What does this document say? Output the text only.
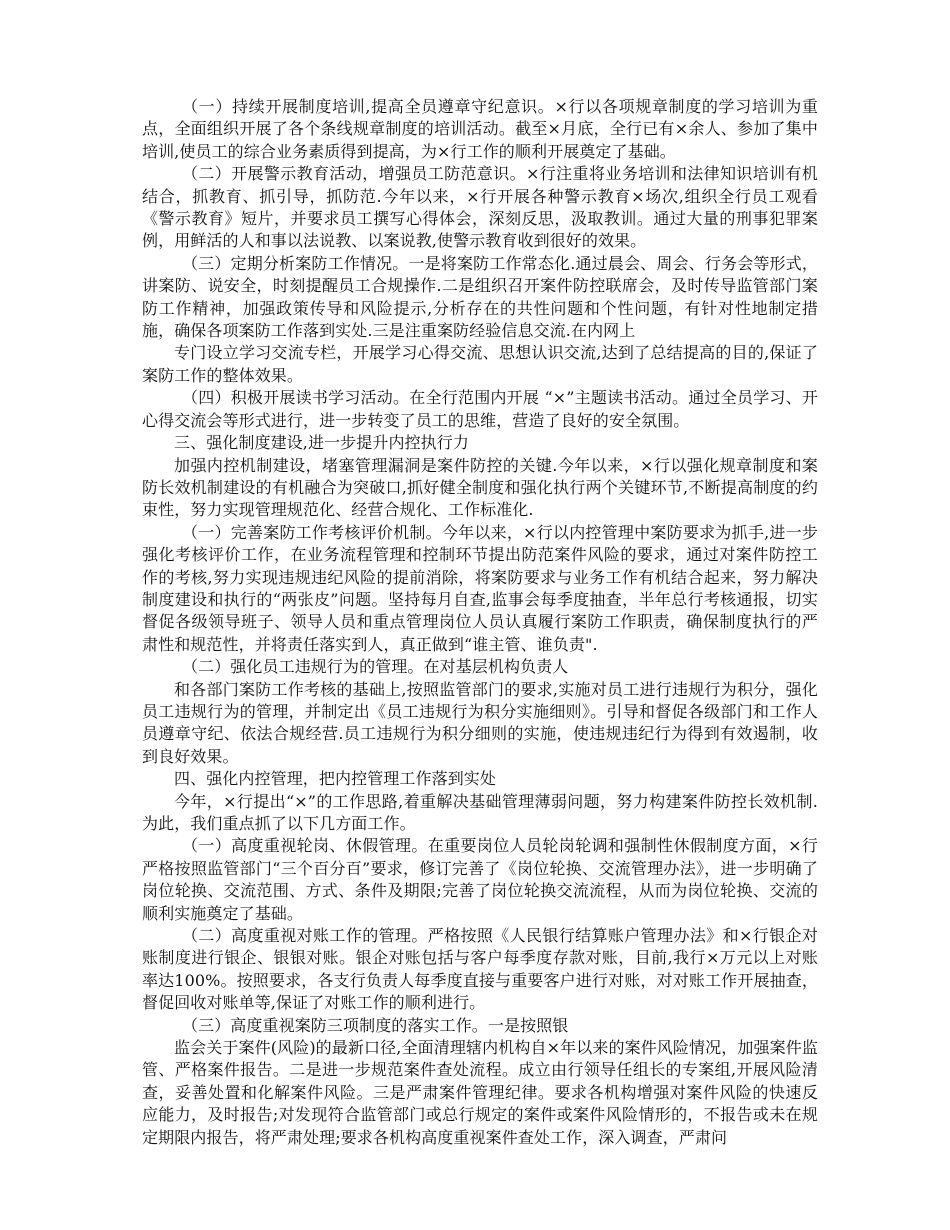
（一）持续开展制度培训,提高全员遵章守纪意识。×行以各项规章制度的学习培训为重点，全面组织开展了各个条线规章制度的培训活动。截至×月底，全行已有×余人、参加了集中培训,使员工的综合业务素质得到提高，为×行工作的顺利开展奠定了基础。

（二）开展警示教育活动，增强员工防范意识。×行注重将业务培训和法律知识培训有机结合，抓教育、抓引导，抓防范.今年以来，×行开展各种警示教育×场次,组织全行员工观看《警示教育》短片，并要求员工撰写心得体会，深刻反思，汲取教训。通过大量的刑事犯罪案例，用鲜活的人和事以法说教、以案说教,使警示教育收到很好的效果。

（三）定期分析案防工作情况。一是将案防工作常态化.通过晨会、周会、行务会等形式，讲案防、说安全，时刻提醒员工合规操作.二是组织召开案件防控联席会，及时传导监管部门案防工作精神，加强政策传导和风险提示,分析存在的共性问题和个性问题，有针对性地制定措施，确保各项案防工作落到实处.三是注重案防经验信息交流.在内网上

专门设立学习交流专栏，开展学习心得交流、思想认识交流,达到了总结提高的目的,保证了案防工作的整体效果。

（四）积极开展读书学习活动。在全行范围内开展 “×”主题读书活动。通过全员学习、开心得交流会等形式进行，进一步转变了员工的思维，营造了良好的安全氛围。

三、强化制度建设,进一步提升内控执行力

加强内控机制建设，堵塞管理漏洞是案件防控的关键.今年以来，×行以强化规章制度和案防长效机制建设的有机融合为突破口,抓好健全制度和强化执行两个关键环节,不断提高制度的约束性，努力实现管理规范化、经营合规化、工作标准化.

（一）完善案防工作考核评价机制。今年以来，×行以内控管理中案防要求为抓手,进一步强化考核评价工作，在业务流程管理和控制环节提出防范案件风险的要求，通过对案件防控工作的考核,努力实现违规违纪风险的提前消除，将案防要求与业务工作有机结合起来，努力解决制度建设和执行的“两张皮”问题。坚持每月自查,监事会每季度抽查，半年总行考核通报，切实督促各级领导班子、领导人员和重点管理岗位人员认真履行案防工作职责，确保制度执行的严肃性和规范性，并将责任落实到人，真正做到“谁主管、谁负责".

（二）强化员工违规行为的管理。在对基层机构负责人

和各部门案防工作考核的基础上,按照监管部门的要求,实施对员工进行违规行为积分，强化员工违规行为的管理，并制定出《员工违规行为积分实施细则》。引导和督促各级部门和工作人员遵章守纪、依法合规经营.员工违规行为积分细则的实施，使违规违纪行为得到有效遏制，收到良好效果。

四、强化内控管理，把内控管理工作落到实处

今年，×行提出“×”的工作思路,着重解决基础管理薄弱问题，努力构建案件防控长效机制.为此，我们重点抓了以下几方面工作。

（一）高度重视轮岗、休假管理。在重要岗位人员轮岗轮调和强制性休假制度方面，×行严格按照监管部门“三个百分百”要求，修订完善了《岗位轮换、交流管理办法》，进一步明确了岗位轮换、交流范围、方式、条件及期限;完善了岗位轮换交流流程，从而为岗位轮换、交流的顺利实施奠定了基础。

（二）高度重视对账工作的管理。严格按照《人民银行结算账户管理办法》和×行银企对账制度进行银企、银银对账。银企对账包括与客户每季度存款对账，目前,我行×万元以上对账率达100%。按照要求，各支行负责人每季度直接与重要客户进行对账，对对账工作开展抽查，督促回收对账单等,保证了对账工作的顺利进行。

（三）高度重视案防三项制度的落实工作。一是按照银

监会关于案件(风险)的最新口径,全面清理辖内机构自×年以来的案件风险情况，加强案件监管、严格案件报告。二是进一步规范案件查处流程。成立由行领导任组长的专案组,开展风险清查，妥善处置和化解案件风险。三是严肃案件管理纪律。要求各机构增强对案件风险的快速反应能力，及时报告;对发现符合监管部门或总行规定的案件或案件风险情形的，不报告或未在规定期限内报告，将严肃处理;要求各机构高度重视案件查处工作，深入调查，严肃问
